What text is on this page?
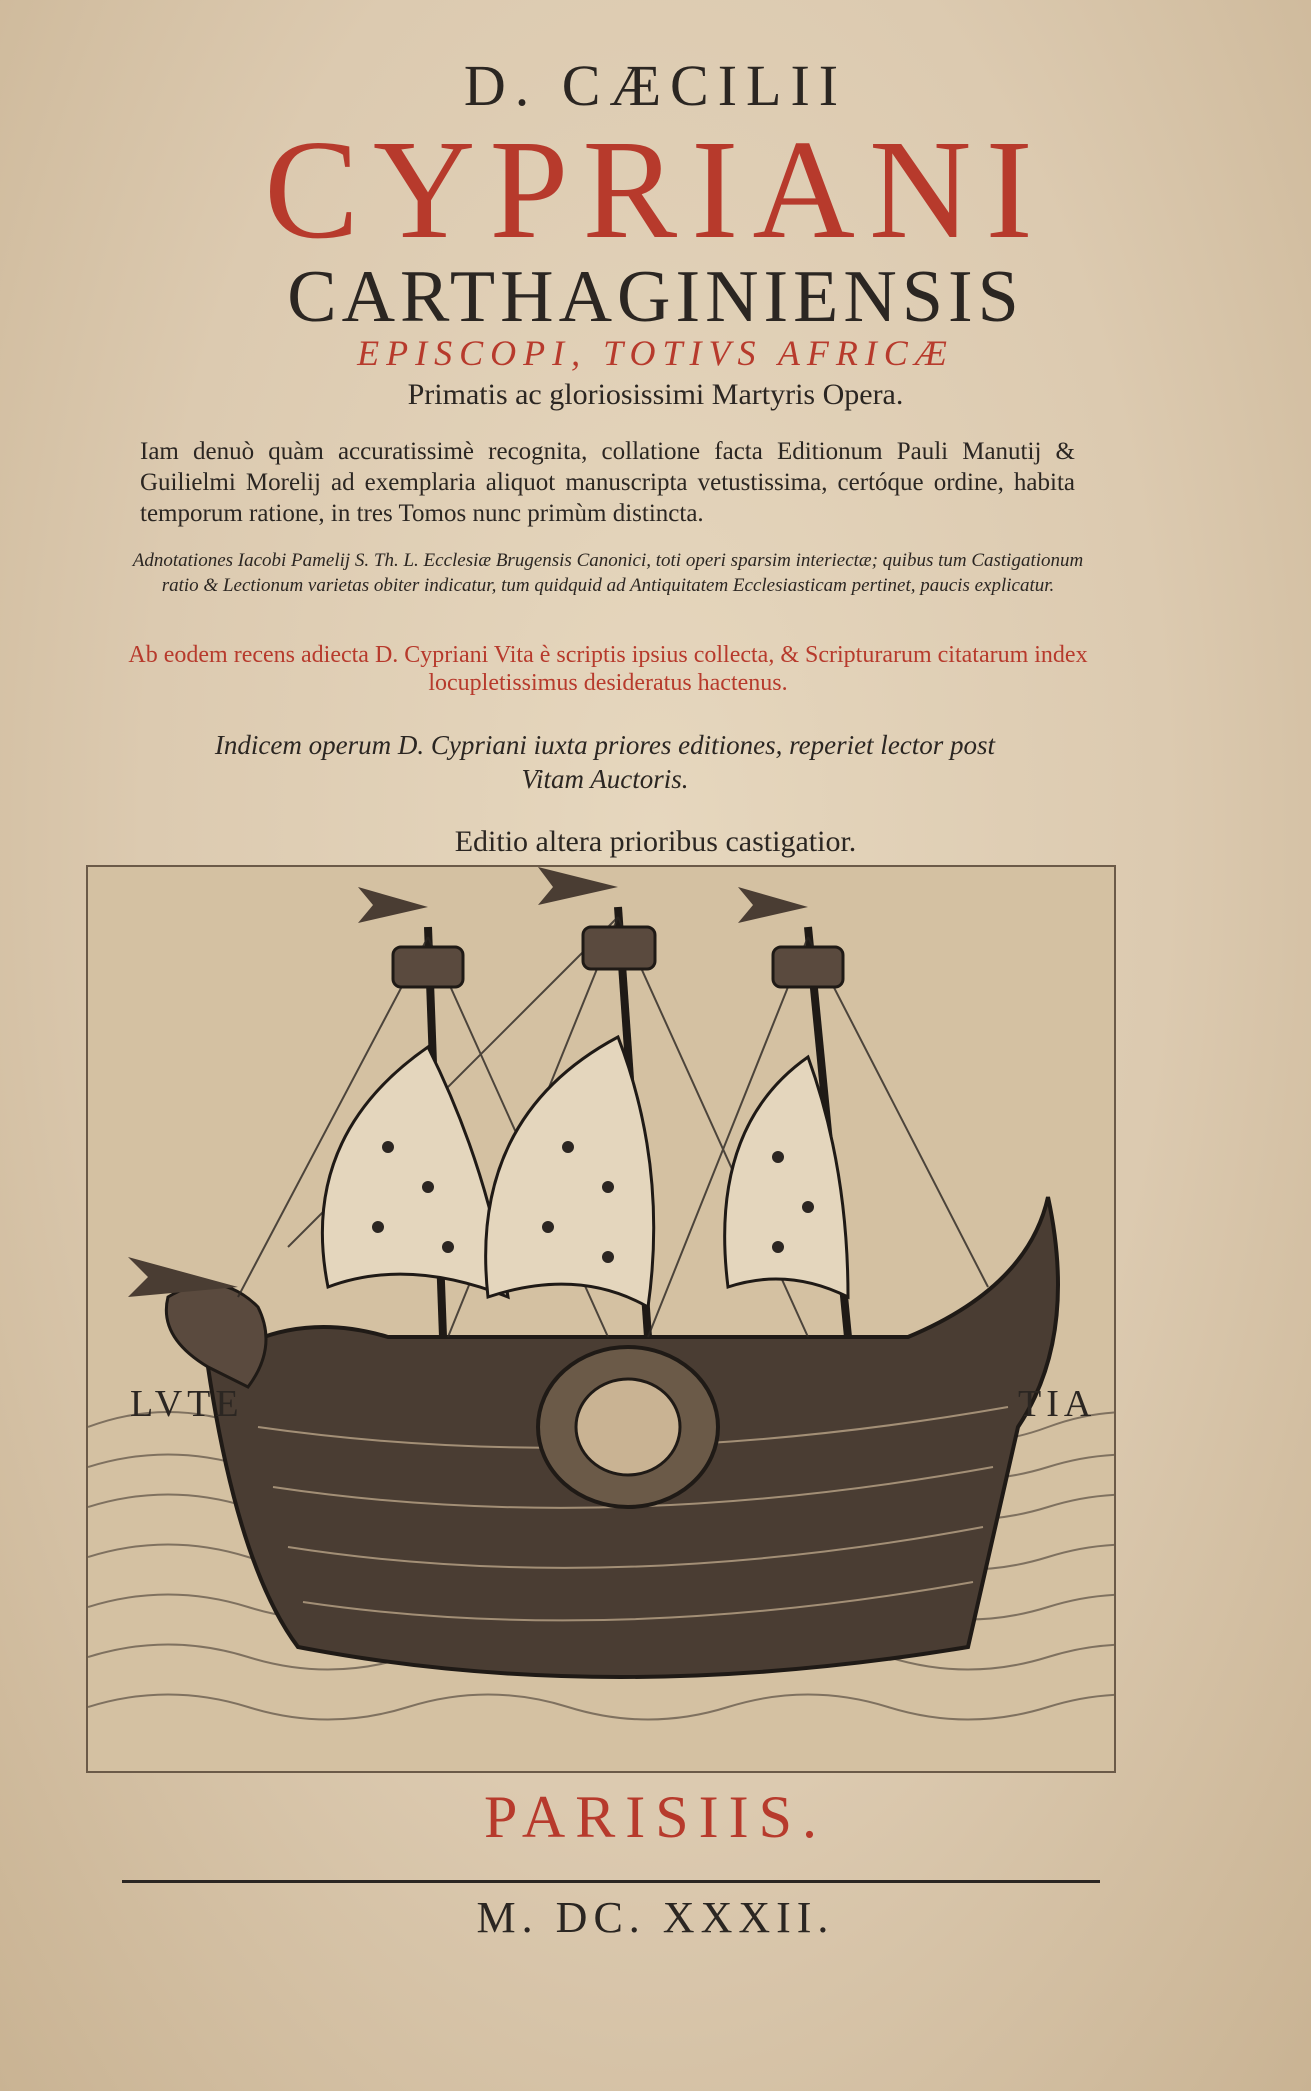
D. CÆCILII
CYPRIANI
CARTHAGINIENSIS
EPISCOPI, TOTIVS AFRICÆ
Primatis ac gloriosissimi Martyris Opera.
Iam denuò quàm accuratissimè recognita, collatione facta Editionum Pauli Manutij & Guilielmi Morelij ad exemplaria aliquot manuscripta vetustissima, certóque ordine, habita temporum ratione, in tres Tomos nunc primùm distincta.
Adnotationes Iacobi Pamelij S. Th. L. Ecclesiæ Brugensis Canonici, toti operi sparsim interiectæ; quibus tum Castigationum ratio & Lectionum varietas obiter indicatur, tum quidquid ad Antiquitatem Ecclesiasticam pertinet, paucis explicatur.
Ab eodem recens adiecta D. Cypriani Vita è scriptis ipsius collecta, & Scripturarum citatarum index locupletissimus desideratus hactenus.
Indicem operum D. Cypriani iuxta priores editiones, reperiet lector post Vitam Auctoris.
Editio altera prioribus castigatior.
LVTE	TIA
PARISIIS.
M. DC. XXXII.
